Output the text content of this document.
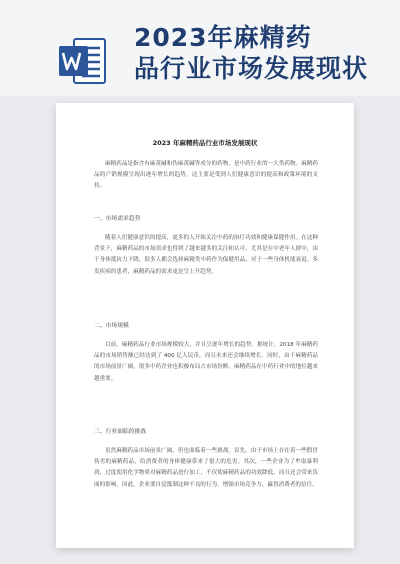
2023年麻精药
品行业市场发展现状
2023 年麻精药品行业市场发展现状

麻精药品是指含有麻黄碱和伪麻黄碱等成分的药物，是中药行业的一大类药物。麻精药品的产销规模呈现出逐年增长的趋势，这主要是受到人们健康意识的提高和政策环境的支持。

一、市场需求趋势

随着人们健康意识的提高，更多的人开始关注中药的治疗功效和健康保健作用。在这种背景下，麻精药品的市场需求也得到了越来越多的关注和认可。尤其是在中老年人群中，由于身体抵抗力下降，很多人都会选择麻精类中药作为保健用品，对于一些身体机能衰退、多发疾病的患者，麻精药品的需求更是呈上升趋势。

二、市场规模

目前，麻精药品行业市场规模较大，并且呈逐年增长的趋势。据统计，2018 年麻精药品的市场销售额已经达到了 400 亿人民币，而且未来还会继续增长。同时，由于麻精药品的市场前景广阔，很多中药企业也积极布局占市场份额，麻精药品在中药行业中的地位越来越重要。

三、行业面临的挑战

虽然麻精药品市场前景广阔，但也面临着一些挑战。首先，由于市场上存在着一些假冒伪劣的麻精药品，给消费者的身体健康带来了很大的危害。其次，一些企业为了牟取暴利润，过度使用化学物质对麻精药品进行加工，不仅使麻精药品的功效降低，而且还会带来负面的影响。因此，企业要自觉抵制这种不良的行为，增强市场竞争力，赢得消费者的信任。
